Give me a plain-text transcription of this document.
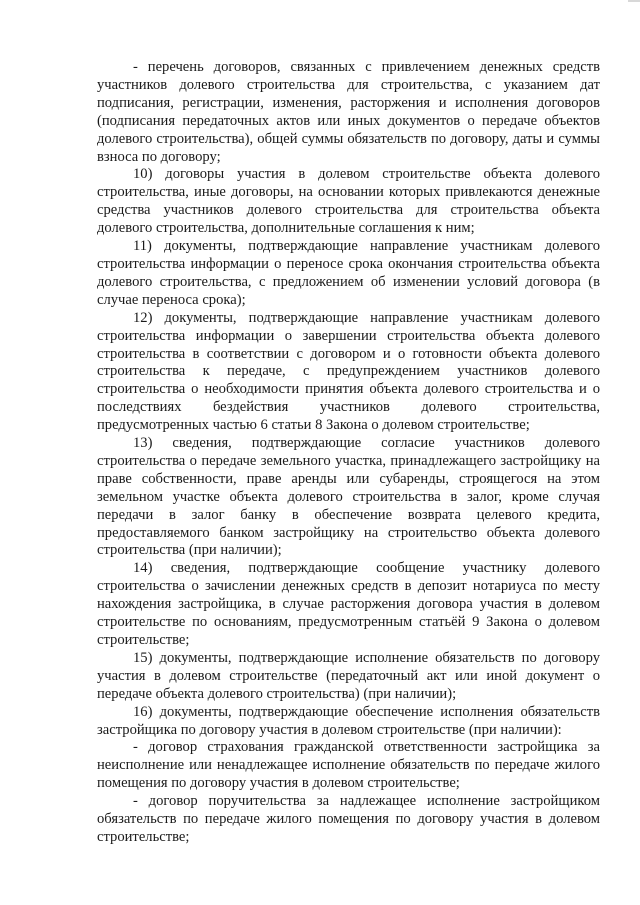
- перечень договоров, связанных с привлечением денежных средств участников долевого строительства для строительства, с указанием дат подписания, регистрации, изменения, расторжения и исполнения договоров (подписания передаточных актов или иных документов о передаче объектов долевого строительства), общей суммы обязательств по договору, даты и суммы взноса по договору;

10) договоры участия в долевом строительстве объекта долевого строительства, иные договоры, на основании которых привлекаются денежные средства участников долевого строительства для строительства объекта долевого строительства, дополнительные соглашения к ним;

11) документы, подтверждающие направление участникам долевого строительства информации о переносе срока окончания строительства объекта долевого строительства, с предложением об изменении условий договора (в случае переноса срока);

12) документы, подтверждающие направление участникам долевого строительства информации о завершении строительства объекта долевого строительства в соответствии с договором и о готовности объекта долевого строительства к передаче, с предупреждением участников долевого строительства о необходимости принятия объекта долевого строительства и о последствиях бездействия участников долевого строительства, предусмотренных частью 6 статьи 8 Закона о долевом строительстве;

13) сведения, подтверждающие согласие участников долевого строительства о передаче земельного участка, принадлежащего застройщику на праве собственности, праве аренды или субаренды, строящегося на этом земельном участке объекта долевого строительства в залог, кроме случая передачи в залог банку в обеспечение возврата целевого кредита, предоставляемого банком застройщику на строительство объекта долевого строительства (при наличии);

14) сведения, подтверждающие сообщение участнику долевого строительства о зачислении денежных средств в депозит нотариуса по месту нахождения застройщика, в случае расторжения договора участия в долевом строительстве по основаниям, предусмотренным статьёй 9 Закона о долевом строительстве;

15) документы, подтверждающие исполнение обязательств по договору участия в долевом строительстве (передаточный акт или иной документ о передаче объекта долевого строительства) (при наличии);

16) документы, подтверждающие обеспечение исполнения обязательств застройщика по договору участия в долевом строительстве (при наличии):

- договор страхования гражданской ответственности застройщика за неисполнение или ненадлежащее исполнение обязательств по передаче жилого помещения по договору участия в долевом строительстве;

- договор поручительства за надлежащее исполнение застройщиком обязательств по передаче жилого помещения по договору участия в долевом строительстве;
